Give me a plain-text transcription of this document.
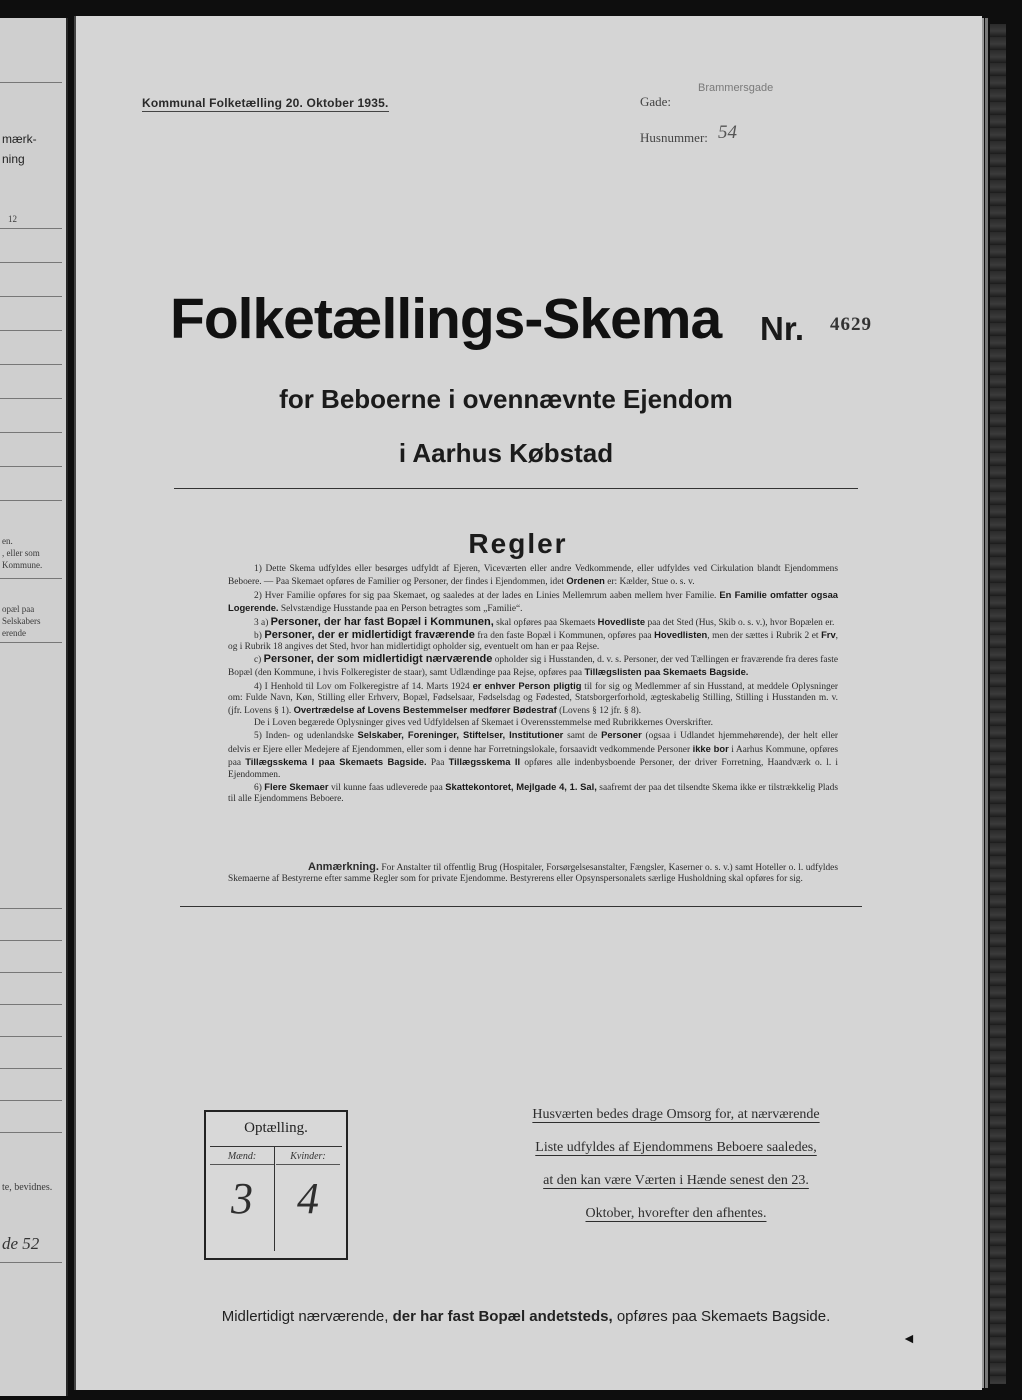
mærk-
ning
12
en.
, eller som
Kommune.
opæl paa
Selskabers
erende
te, bevidnes.
de 52
Kommunal Folketælling 20. Oktober 1935.	Gade:
Brammersgade
Husnummer: 54
Folketællings-Skema Nr. 4629
for Beboerne i ovennævnte Ejendom
i Aarhus Købstad
Regler

1) Dette Skema udfyldes eller besørges udfyldt af Ejeren, Viceværten eller andre Vedkommende, eller udfyldes ved Cirkulation blandt Ejendommens Beboere. — Paa Skemaet opføres de Familier og Personer, der findes i Ejendommen, idet Ordenen er: Kælder, Stue o. s. v.

2) Hver Familie opføres for sig paa Skemaet, og saaledes at der lades en Linies Mellemrum aaben mellem hver Familie. En Familie omfatter ogsaa Logerende. Selvstændige Husstande paa en Person betragtes som „Familie“.

3 a) Personer, der har fast Bopæl i Kommunen, skal opføres paa Skemaets Hovedliste paa det Sted (Hus, Skib o. s. v.), hvor Bopælen er.

b) Personer, der er midlertidigt fraværende fra den faste Bopæl i Kommunen, opføres paa Hovedlisten, men der sættes i Rubrik 2 et Frv, og i Rubrik 18 angives det Sted, hvor han midlertidigt opholder sig, eventuelt om han er paa Rejse.

c) Personer, der som midlertidigt nærværende opholder sig i Husstanden, d. v. s. Personer, der ved Tællingen er fraværende fra deres faste Bopæl (den Kommune, i hvis Folkeregister de staar), samt Udlændinge paa Rejse, opføres paa Tillægslisten paa Skemaets Bagside.

4) I Henhold til Lov om Folkeregistre af 14. Marts 1924 er enhver Person pligtig til for sig og Medlemmer af sin Husstand, at meddele Oplysninger om: Fulde Navn, Køn, Stilling eller Erhverv, Bopæl, Fødselsaar, Fødselsdag og Fødested, Statsborgerforhold, ægteskabelig Stilling, Stilling i Husstanden m. v. (jfr. Lovens § 1). Overtrædelse af Lovens Bestemmelser medfører Bødestraf (Lovens § 12 jfr. § 8).

De i Loven begærede Oplysninger gives ved Udfyldelsen af Skemaet i Overensstemmelse med Rubrikkernes Overskrifter.

5) Inden- og udenlandske Selskaber, Foreninger, Stiftelser, Institutioner samt de Personer (ogsaa i Udlandet hjemmehørende), der helt eller delvis er Ejere eller Medejere af Ejendommen, eller som i denne har Forretningslokale, forsaavidt vedkommende Personer ikke bor i Aarhus Kommune, opføres paa Tillægsskema I paa Skemaets Bagside. Paa Tillægsskema II opføres alle indenbysboende Personer, der driver Forretning, Haandværk o. l. i Ejendommen.

6) Flere Skemaer vil kunne faas udleverede paa Skattekontoret, Mejlgade 4, 1. Sal, saafremt der paa det tilsendte Skema ikke er tilstrækkelig Plads til alle Ejendommens Beboere.

Anmærkning. For Anstalter til offentlig Brug (Hospitaler, Forsørgelsesanstalter, Fængsler, Kaserner o. s. v.) samt Hoteller o. l. udfyldes Skemaerne af Bestyrerne efter samme Regler som for private Ejendomme. Bestyrerens eller Opsynspersonalets særlige Husholdning skal opføres for sig.

Optælling.
Mænd:
3
Kvinder:
4
Husværten bedes drage Omsorg for, at nærværende
Liste udfyldes af Ejendommens Beboere saaledes,
at den kan være Værten i Hænde senest den 23.
Oktober, hvorefter den afhentes.
Midlertidigt nærværende, der har fast Bopæl andetsteds, opføres paa Skemaets Bagside.
◄
